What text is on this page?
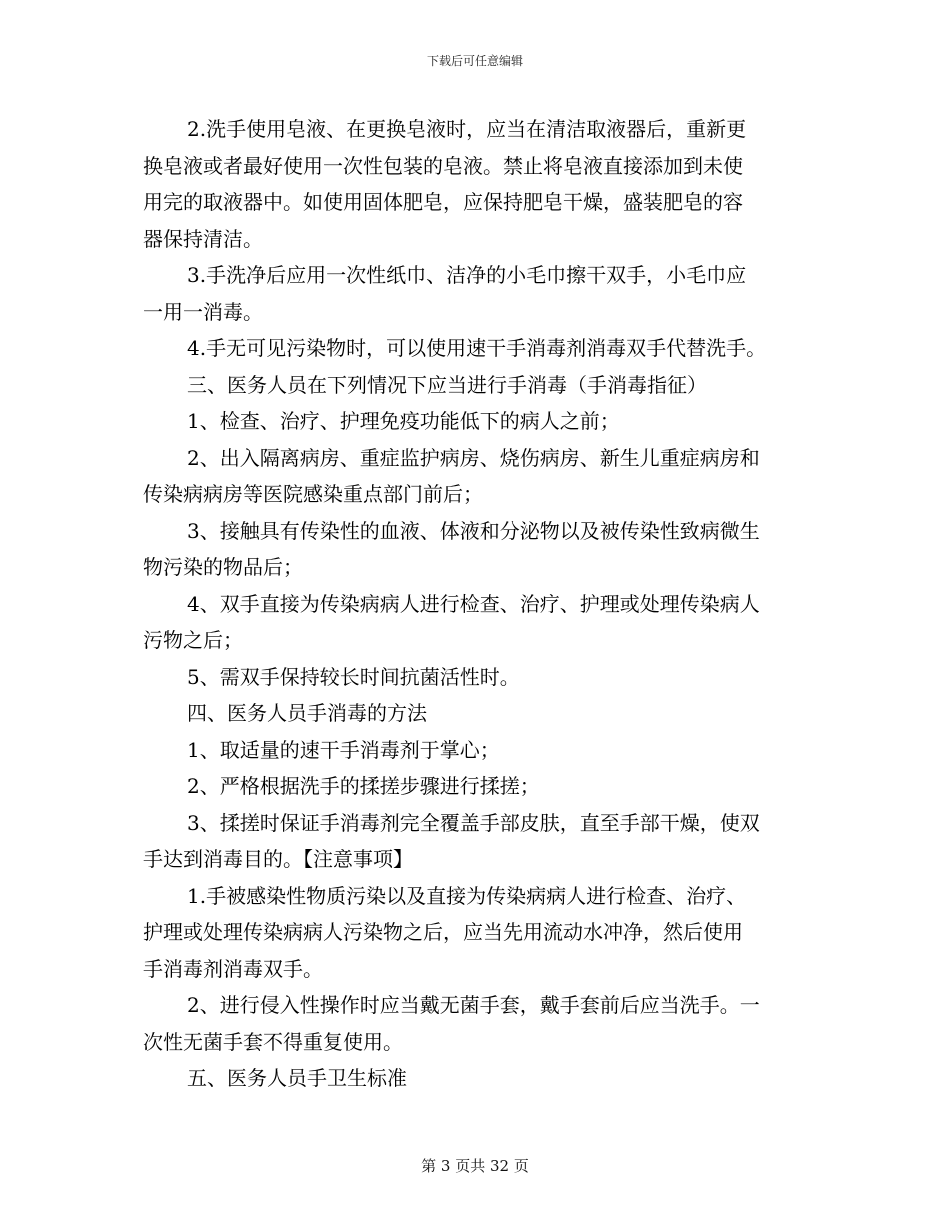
下载后可任意编辑
2.洗手使用皂液、在更换皂液时，应当在清洁取液器后，重新更
换皂液或者最好使用一次性包装的皂液。禁止将皂液直接添加到未使
用完的取液器中。如使用固体肥皂，应保持肥皂干燥，盛装肥皂的容
器保持清洁。
3.手洗净后应用一次性纸巾、洁净的小毛巾擦干双手，小毛巾应
一用一消毒。
4.手无可见污染物时，可以使用速干手消毒剂消毒双手代替洗手。
三、医务人员在下列情况下应当进行手消毒（手消毒指征）
1、检查、治疗、护理免疫功能低下的病人之前；
2、出入隔离病房、重症监护病房、烧伤病房、新生儿重症病房和
传染病病房等医院感染重点部门前后；
3、接触具有传染性的血液、体液和分泌物以及被传染性致病微生
物污染的物品后；
4、双手直接为传染病病人进行检查、治疗、护理或处理传染病人
污物之后；
5、需双手保持较长时间抗菌活性时。
四、医务人员手消毒的方法
1、取适量的速干手消毒剂于掌心；
2、严格根据洗手的揉搓步骤进行揉搓；
3、揉搓时保证手消毒剂完全覆盖手部皮肤，直至手部干燥，使双
手达到消毒目的。【注意事项】
1.手被感染性物质污染以及直接为传染病病人进行检查、治疗、
护理或处理传染病病人污染物之后，应当先用流动水冲净，然后使用
手消毒剂消毒双手。
2、进行侵入性操作时应当戴无菌手套，戴手套前后应当洗手。一
次性无菌手套不得重复使用。
五、医务人员手卫生标准
第 3 页共 32 页
